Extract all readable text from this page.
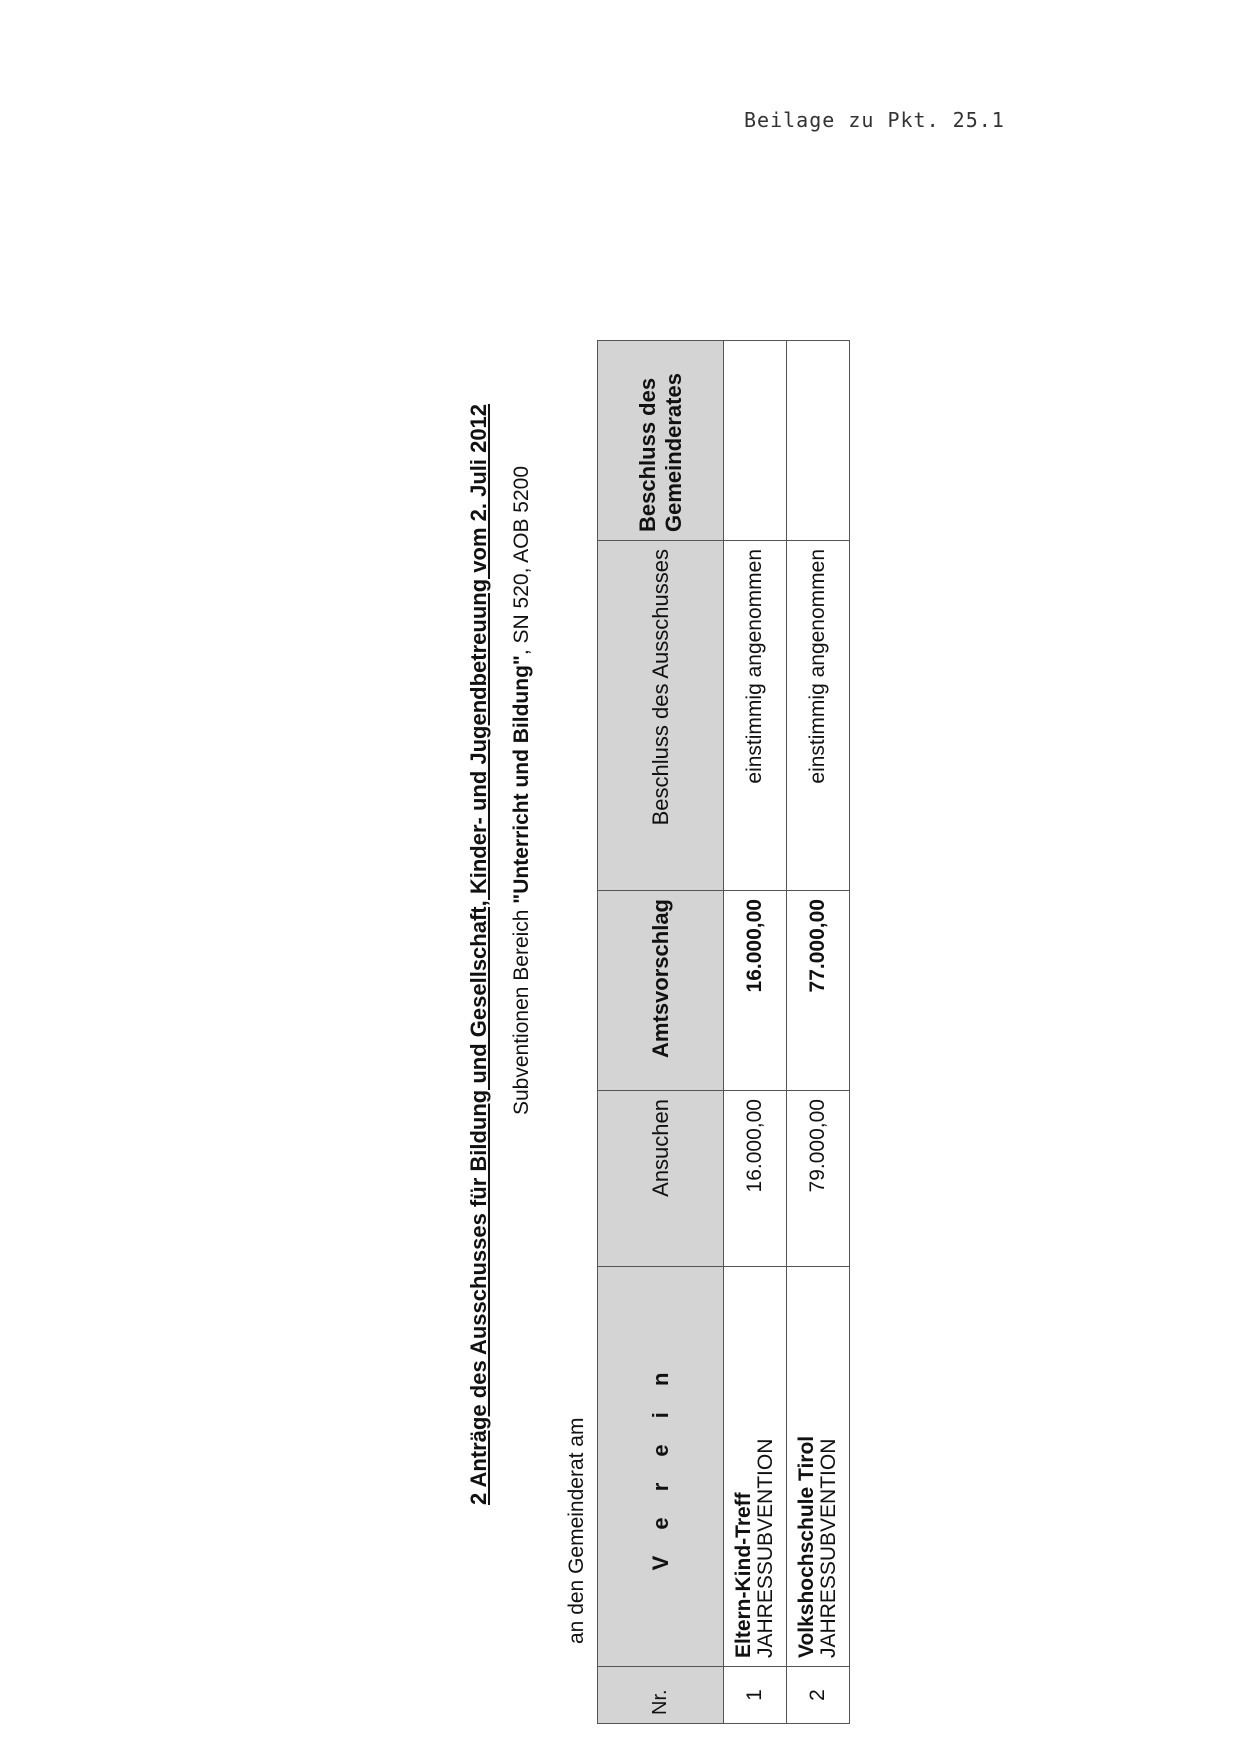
Beilage zu Pkt. 25.1
2 Anträge des Ausschusses für Bildung und Gesellschaft, Kinder- und Jugendbetreuung vom 2. Juli 2012 Subventionen Bereich "Unterricht und Bildung", SN 520, AOB 5200
an den Gemeinderat am
Nr.	V e r e i n	Ansuchen	Amtsvorschlag	Beschluss des Ausschusses	Beschluss des
Gemeinderates
1	Eltern-Kind-Treff JAHRESSUBVENTION	16.000,00	16.000,00	einstimmig angenommen	
2	Volkshochschule Tirol JAHRESSUBVENTION	79.000,00	77.000,00	einstimmig angenommen	
